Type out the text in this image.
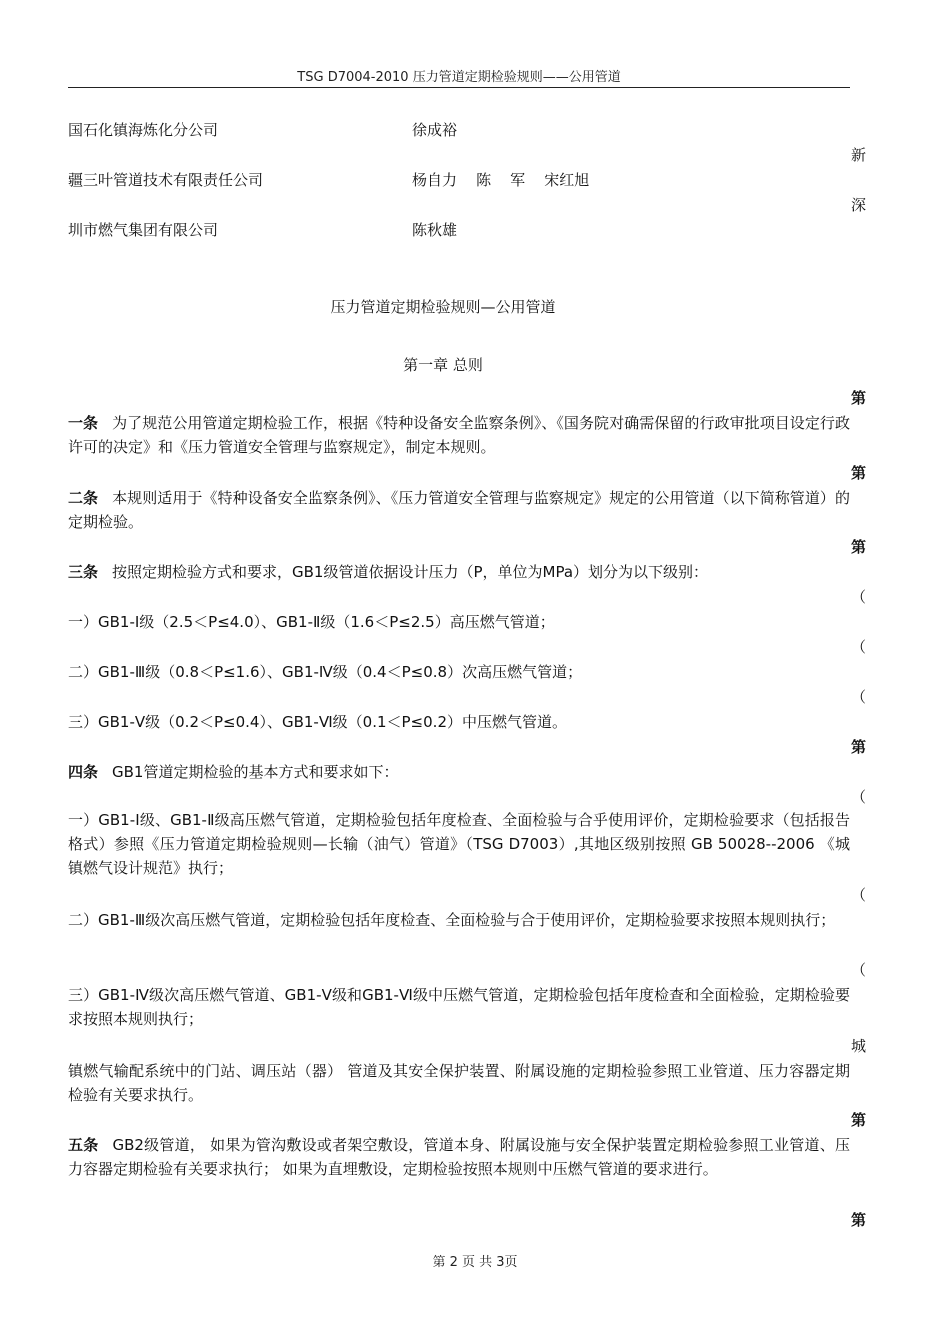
TSG D7004-2010 压力管道定期检验规则——公用管道
国石化镇海炼化分公司	徐成裕
新
疆三叶管道技术有限责任公司	杨自力    陈    军    宋红旭
深
圳市燃气集团有限公司	陈秋雄
压力管道定期检验规则—公用管道
第一章 总则
第
一条 为了规范公用管道定期检验工作，根据《特种设备安全监察条例》、《国务院对确需保留的行政审批项目设定行政许可的决定》和《压力管道安全管理与监察规定》，制定本规则。
第
二条 本规则适用于《特种设备安全监察条例》、《压力管道安全管理与监察规定》规定的公用管道（以下简称管道）的定期检验。
第
三条 按照定期检验方式和要求，GB1级管道依据设计压力（P，单位为MPa）划分为以下级别：
（
一）GB1-Ⅰ级（2.5＜P≤4.0）、GB1-Ⅱ级（1.6＜P≤2.5）高压燃气管道；
（
二）GB1-Ⅲ级（0.8＜P≤1.6）、GB1-Ⅳ级（0.4＜P≤0.8）次高压燃气管道；
（
三）GB1-Ⅴ级（0.2＜P≤0.4）、GB1-Ⅵ级（0.1＜P≤0.2）中压燃气管道。
第
四条 GB1管道定期检验的基本方式和要求如下：
（
一）GB1-Ⅰ级、GB1-Ⅱ级高压燃气管道，定期检验包括年度检查、全面检验与合乎使用评价，定期检验要求（包括报告格式）参照《压力管道定期检验规则—长输（油气）管道》（TSG D7003）,其地区级别按照 GB 50028--2006 《城镇燃气设计规范》执行；
（
二）GB1-Ⅲ级次高压燃气管道，定期检验包括年度检查、全面检验与合于使用评价，定期检验要求按照本规则执行；
（
三）GB1-Ⅳ级次高压燃气管道、GB1-Ⅴ级和GB1-Ⅵ级中压燃气管道，定期检验包括年度检查和全面检验，定期检验要求按照本规则执行；
城
镇燃气输配系统中的门站、调压站（器） 管道及其安全保护装置、附属设施的定期检验参照工业管道、压力容器定期检验有关要求执行。
第
五条 GB2级管道， 如果为管沟敷设或者架空敷设，管道本身、附属设施与安全保护装置定期检验参照工业管道、压力容器定期检验有关要求执行； 如果为直埋敷设，定期检验按照本规则中压燃气管道的要求进行。
第
第 2 页 共 3页
